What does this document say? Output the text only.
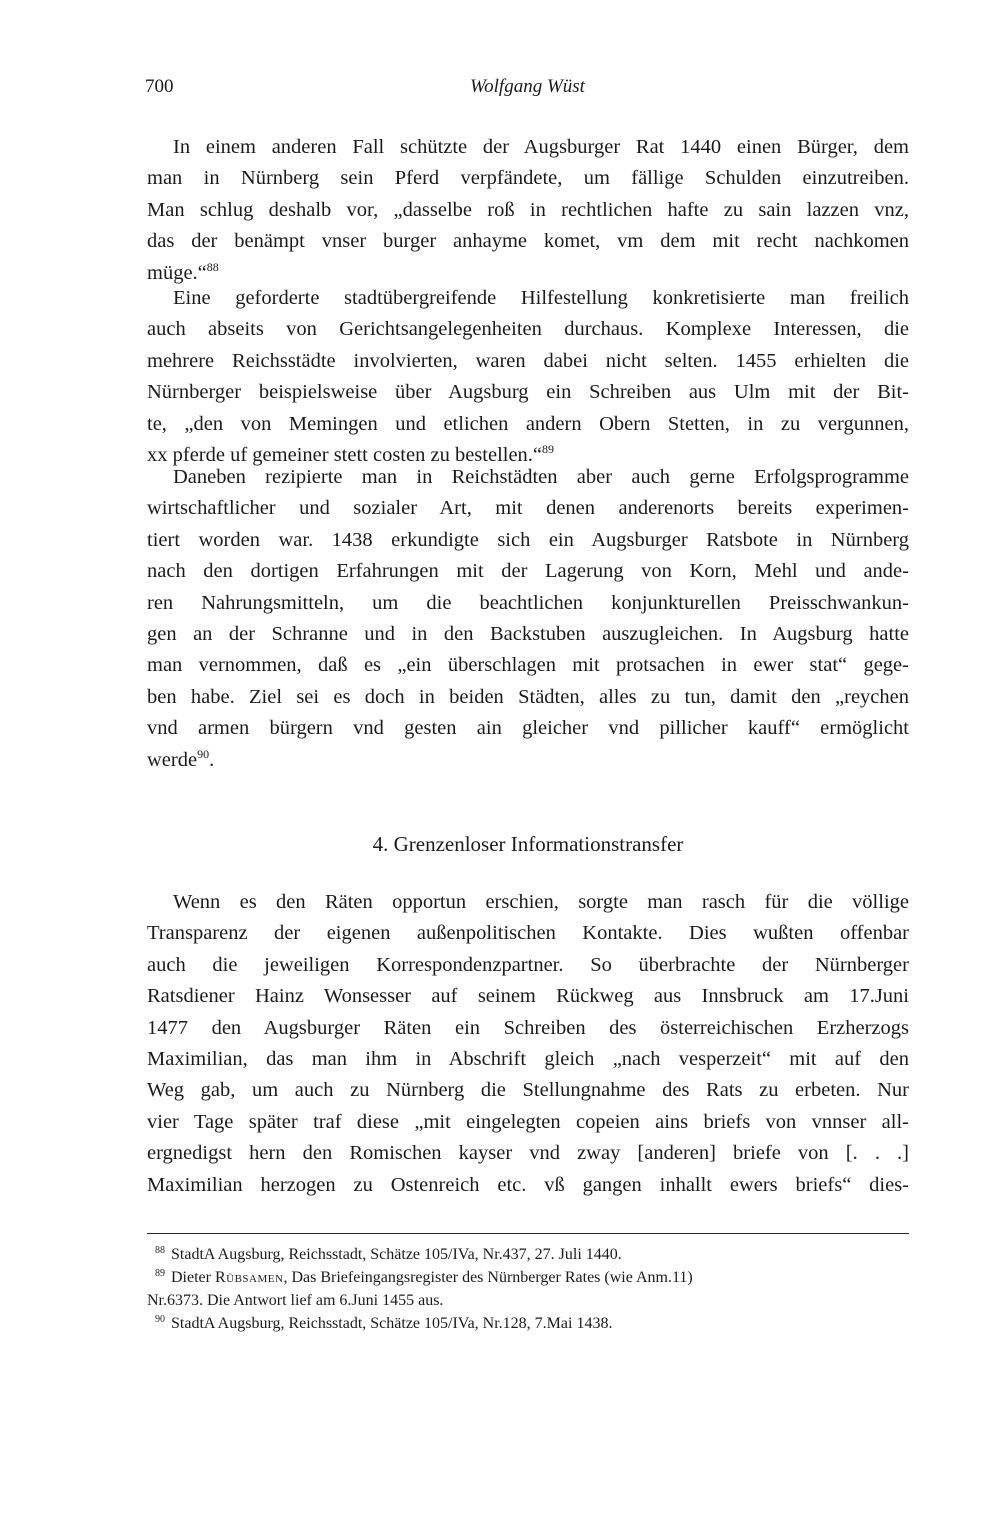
700	Wolfgang Wüst
In einem anderen Fall schützte der Augsburger Rat 1440 einen Bürger, dem
man in Nürnberg sein Pferd verpfändete, um fällige Schulden einzutreiben.
Man schlug deshalb vor, „dasselbe roß in rechtlichen hafte zu sain lazzen vnz,
das der benämpt vnser burger anhayme komet, vm dem mit recht nachkomen
müge.“$^{88}$
Eine geforderte stadtübergreifende Hilfestellung konkretisierte man freilich
auch abseits von Gerichtsangelegenheiten durchaus. Komplexe Interessen, die
mehrere Reichsstädte involvierten, waren dabei nicht selten. 1455 erhielten die
Nürnberger beispielsweise über Augsburg ein Schreiben aus Ulm mit der Bit-
te, „den von Memingen und etlichen andern Obern Stetten, in zu vergunnen,
xx pferde uf gemeiner stett costen zu bestellen.“$^{89}$
Daneben rezipierte man in Reichstädten aber auch gerne Erfolgsprogramme
wirtschaftlicher und sozialer Art, mit denen anderenorts bereits experimen-
tiert worden war. 1438 erkundigte sich ein Augsburger Ratsbote in Nürnberg
nach den dortigen Erfahrungen mit der Lagerung von Korn, Mehl und ande-
ren Nahrungsmitteln, um die beachtlichen konjunkturellen Preisschwankun-
gen an der Schranne und in den Backstuben auszugleichen. In Augsburg hatte
man vernommen, daß es „ein überschlagen mit protsachen in ewer stat“ gege-
ben habe. Ziel sei es doch in beiden Städten, alles zu tun, damit den „reychen
vnd armen bürgern vnd gesten ain gleicher vnd pillicher kauff“ ermöglicht
werde$^{90}$.
4. Grenzenloser Informationstransfer
Wenn es den Räten opportun erschien, sorgte man rasch für die völlige
Transparenz der eigenen außenpolitischen Kontakte. Dies wußten offenbar
auch die jeweiligen Korrespondenzpartner. So überbrachte der Nürnberger
Ratsdiener Hainz Wonsesser auf seinem Rückweg aus Innsbruck am 17.Juni
1477 den Augsburger Räten ein Schreiben des österreichischen Erzherzogs
Maximilian, das man ihm in Abschrift gleich „nach vesperzeit“ mit auf den
Weg gab, um auch zu Nürnberg die Stellungnahme des Rats zu erbeten. Nur
vier Tage später traf diese „mit eingelegten copeien ains briefs von vnnser all-
ergnedigst hern den Romischen kayser vnd zway [anderen] briefe von [. . .]
Maximilian herzogen zu Ostenreich etc. vß gangen inhallt ewers briefs“ dies-
$^{88}$ StadtA Augsburg, Reichsstadt, Schätze 105/IVa, Nr.437, 27. Juli 1440.
$^{89}$ Dieter Rübsamen, Das Briefeingangsregister des Nürnberger Rates (wie Anm.11)
Nr.6373. Die Antwort lief am 6.Juni 1455 aus.
$^{90}$ StadtA Augsburg, Reichsstadt, Schätze 105/IVa, Nr.128, 7.Mai 1438.
